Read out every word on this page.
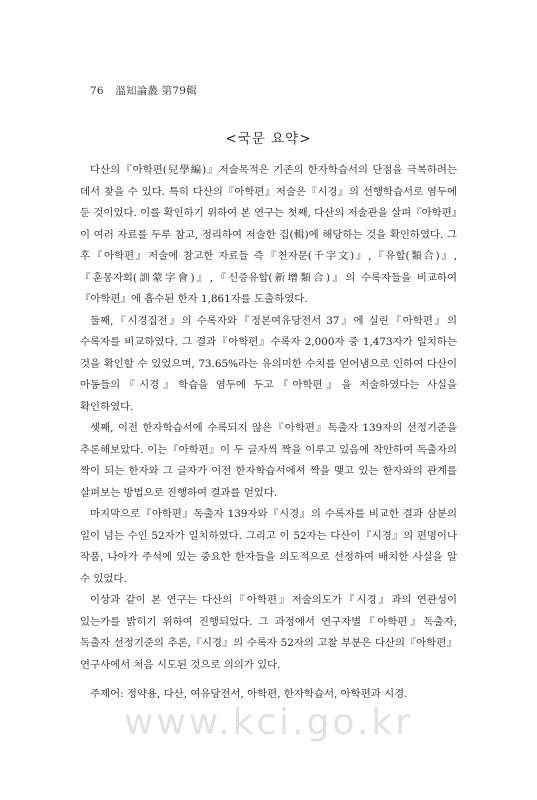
76 溫知論叢 第79輯
<국문 요약>

다산의『아학편(兒學編)』저술목적은 기존의 한자학습서의 단점을 극복하려는 데서 찾을 수 있다. 특히 다산의『아학편』저술은『시경』의 선행학습서로 염두에 둔 것이었다. 이를 확인하기 위하여 본 연구는 첫째, 다산의 저술관을 살펴『아학편』이 여러 자료를 두루 참고, 정리하여 저술한 집(輯)에 해당하는 것을 확인하였다. 그 후『아학편』저술에 참고한 자료들 즉『천자문(千字文)』,『유합(類合)』,『훈몽자회(訓蒙字會)』,『신증유합(新增類合)』의 수록자들을 비교하여『아학편』에 흡수된 한자 1,861자를 도출하였다.

둘째,『시경집전』의 수록자와『정본여유당전서 37』에 실린『아학편』의 수록자를 비교하였다. 그 결과『아학편』수록자 2,000자 중 1,473자가 일치하는 것을 확인할 수 있었으며, 73.65%라는 유의미한 수치를 얻어냄으로 인하여 다산이 아동들의『시경』학습을 염두에 두고『아학편』을 저술하였다는 사실을 확인하였다.

셋째, 이전 한자학습서에 수록되지 않은『아학편』독출자 139자의 선정기준을 추론해보았다. 이는『아학편』이 두 글자씩 짝을 이루고 있음에 착안하여 독출자의 짝이 되는 한자와 그 글자가 이전 한자학습서에서 짝을 맺고 있는 한자와의 관계를 살펴보는 방법으로 진행하여 결과를 얻었다.

마지막으로『아학편』독출자 139자와『시경』의 수록자를 비교한 결과 삼분의 일이 넘는 수인 52자가 일치하였다. 그리고 이 52자는 다산이『시경』의 편명이나 작품, 나아가 주석에 있는 중요한 한자들을 의도적으로 선정하여 배치한 사실을 알 수 있었다.

이상과 같이 본 연구는 다산의『아학편』저술의도가『시경』과의 연관성이 있는가를 밝히기 위하여 진행되었다. 그 과정에서 연구자별『아학편』독출자, 독출자 선정기준의 추론,『시경』의 수록자 52자의 고찰 부분은 다산의『아학편』연구사에서 처음 시도된 것으로 의의가 있다.

주제어: 정약용, 다산, 여유당전서, 아학편, 한자학습서, 아학편과 시경.
www.kci.go.kr
